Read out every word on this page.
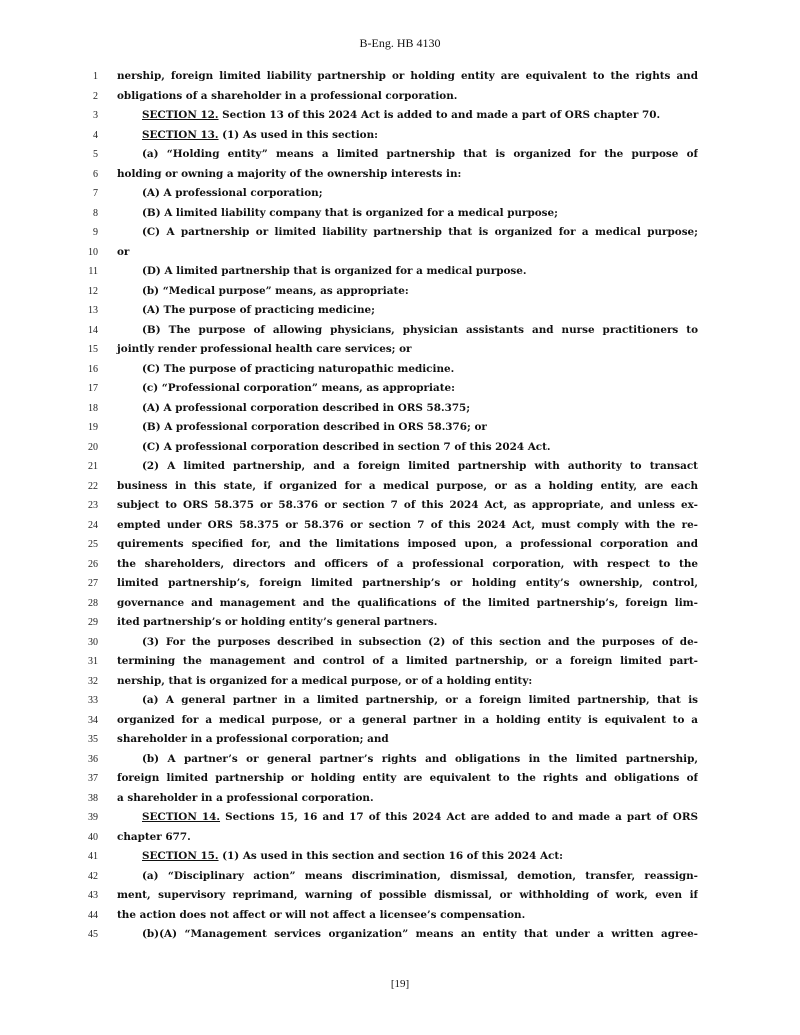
B-Eng. HB 4130
1 nership, foreign limited liability partnership or holding entity are equivalent to the rights and
2 obligations of a shareholder in a professional corporation.
3	SECTION 12. Section 13 of this 2024 Act is added to and made a part of ORS chapter 70.
4	SECTION 13. (1) As used in this section:
5	(a) “Holding entity” means a limited partnership that is organized for the purpose of
6 holding or owning a majority of the ownership interests in:
7	(A) A professional corporation;
8	(B) A limited liability company that is organized for a medical purpose;
9	(C) A partnership or limited liability partnership that is organized for a medical purpose;
10 or
11	(D) A limited partnership that is organized for a medical purpose.
12	(b) “Medical purpose” means, as appropriate:
13	(A) The purpose of practicing medicine;
14	(B) The purpose of allowing physicians, physician assistants and nurse practitioners to
15 jointly render professional health care services; or
16	(C) The purpose of practicing naturopathic medicine.
17	(c) “Professional corporation” means, as appropriate:
18	(A) A professional corporation described in ORS 58.375;
19	(B) A professional corporation described in ORS 58.376; or
20	(C) A professional corporation described in section 7 of this 2024 Act.
21	(2) A limited partnership, and a foreign limited partnership with authority to transact
22 business in this state, if organized for a medical purpose, or as a holding entity, are each
23 subject to ORS 58.375 or 58.376 or section 7 of this 2024 Act, as appropriate, and unless ex-
24 empted under ORS 58.375 or 58.376 or section 7 of this 2024 Act, must comply with the re-
25 quirements specified for, and the limitations imposed upon, a professional corporation and
26 the shareholders, directors and officers of a professional corporation, with respect to the
27 limited partnership’s, foreign limited partnership’s or holding entity’s ownership, control,
28 governance and management and the qualifications of the limited partnership’s, foreign lim-
29 ited partnership’s or holding entity’s general partners.
30	(3) For the purposes described in subsection (2) of this section and the purposes of de-
31 termining the management and control of a limited partnership, or a foreign limited part-
32 nership, that is organized for a medical purpose, or of a holding entity:
33	(a) A general partner in a limited partnership, or a foreign limited partnership, that is
34 organized for a medical purpose, or a general partner in a holding entity is equivalent to a
35 shareholder in a professional corporation; and
36	(b) A partner’s or general partner’s rights and obligations in the limited partnership,
37 foreign limited partnership or holding entity are equivalent to the rights and obligations of
38 a shareholder in a professional corporation.
39	SECTION 14. Sections 15, 16 and 17 of this 2024 Act are added to and made a part of ORS
40 chapter 677.
41	SECTION 15. (1) As used in this section and section 16 of this 2024 Act:
42	(a) “Disciplinary action” means discrimination, dismissal, demotion, transfer, reassign-
43 ment, supervisory reprimand, warning of possible dismissal, or withholding of work, even if
44 the action does not affect or will not affect a licensee’s compensation.
45	(b)(A) “Management services organization” means an entity that under a written agree-
[19]
